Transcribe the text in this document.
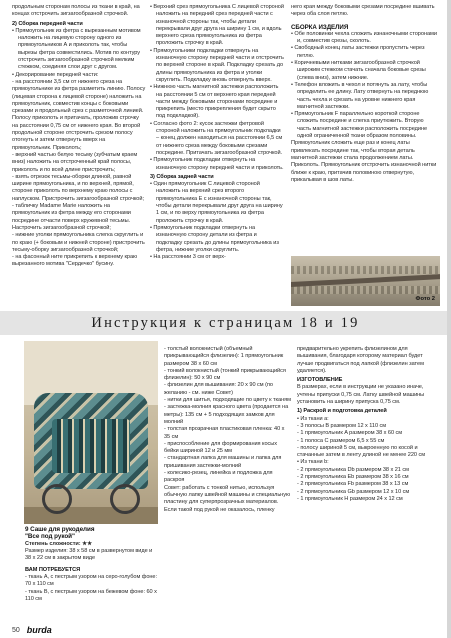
продольным сторонам полосы из ткани в край, на концах отстрочить зигзагообразной строчкой.

2) Сборка передней части

• Прямоугольник из фетра с вырезанным мотивом наложить на лицевую сторону одного из прямоугольников А и приколоть так, чтобы вырезы фетра совместились. Мотив по контуру отстрочить зигзагообразной строчкой мелким стежком, соединяя слои друг с другом.

• Декорирование передней части:

- на расстоянии 3,5 см от нижнего среза на прямоугольнике из фетра разметить линию. Полосу (лицевая сторона к лицевой стороне) наложить на прямоугольник, совместив концы с боковыми срезами и продольный срез с разметочной линией. Полосу приколоть и притачать, проложив строчку на расстоянии 0,75 см от нижнего края. Во второй продольной стороне отстрочить срезом полосу отогнуть и затем отвернуть вверх на прямоугольник. Приколоть;

- верхний частью белую тесьму (зубчатым краем вниз) наложить на отстроченный край полосы, приколоть и по всей длине пристрочить;

- взять отрезок тесьмы-оборки длиной, равной ширине прямоугольника, и по верхней, прямой, стороне приколоть по верхнему краю полосы с наплуском. Пристрочить зигзагообразной строчкой;

- табличку Madame Marie наложить на прямоугольник из фетра между его сторонами посредине отчасти поверх кружевной тесьмы. Настрочить зигзагообразной строчкой;

- нижние уголки прямоугольника слегка скруглить и по краю (+ боковым и нижней стороне) пристрочить тесьму-оборку зигзагообразной строчкой;

- на фасонный ните прикрепить к верхнему краю вырезанного мотива "Сердечко" бусину.

• Верхний срез прямоугольника С лицевой стороной наложить на передний срез передней части с изнаночной стороны так, чтобы детали перекрывали друг друга на ширину 1 см, и вдоль верхнего среза прямоугольника из фетра проложить строчку в край.

• Прямоугольники подкладки отвернуть на изнаночную сторону передней части и отстрочить по верхней стороне в край. Подкладку срезать до длины прямоугольника из фетра и уголки скруглить. Подкладку вновь отвернуть вверх.

• Нижнюю часть магнитной застежки расположить на расстоянии 5 см от верхнего края передней части между боковыми сторонами посредине и прикрепить (место прикрепления будет скрыто под подкладкой).

• Согласно фото 2: кусок застежки фетровой стороной наложить на прямоугольник подкладки – конец должен находиться на расстоянии 6,5 см от нижнего среза между боковыми срезами посредине. Притачать зигзагообразной строчкой.

• Прямоугольник подкладки отвернуть на изнаночную сторону передней части и приколоть.

3) Сборка задней части

• Один прямоугольник С лицевой стороной наложить на верхний срез второго прямоугольника Е с изнаночной стороны так, чтобы детали перекрывали друг друга на ширину 1 см, и по верху прямоугольника из фетра проложить строчку в край.

• Прямоугольник подкладки отвернуть на изнаночную сторону детали из фетра и подкладку срезать до длины прямоугольника из фетра, нижние уголки скруглить.

• На расстоянии 3 см от верх-

него края между боковыми срезами посредине вшивать через оба слоя петлю.

СБОРКА ИЗДЕЛИЯ

• Обе половинки чехла сложить изнаночными сторонами и, совместив срезы, сколоть.

• Свободный конец латы застежки пропустить через петлю.

• Коричневыми нитками зигзагообразной строчкой широким стежком стачать сначала боковые срезы (слева вниз), затем нижние.

• Телефон вложить в чехол и потянуть за лату, чтобы определить ее длину. Лату отвернуть на переднюю часть чехла и срезать на уровне нижнего края магнитной застежки.

• Прямоугольник F параллельно короткой стороне сложить посредине и слегка приутюжить. Вторую часть магнитной застежки расположить посредине одной ограниченной ткани образом половины.

Прямоугольник сложить еще раз и конец латы привлекать посредине так, чтобы вторая деталь магнитной застежки стала продолжением латы. Приколоть. Прямоугольник отстрочить изнаночной нитки ближе к краю, притачив половиною отвернутую, прикалывая в шов латы.

Фото 2
Инструкция к страницам 18 и 19

9 Саше для рукоделия

"Все под рукой"

Степень сложности: ★★

Размер изделия: 38 х 58 см в развернутом виде и 38 х 22 см в закрытом виде

ВАМ ПОТРЕБУЕТСЯ

- ткань А, с пестрым узором на серо-голубом фоне: 70 x 110 см

- ткань В, с пестрым узором на бежевом фоне: 60 x 110 см

- толстый волокнистый (объемный прикрывающийся флизелин): 1 прямоугольник размером 38 x 60 см

- тонкий волокнистый (тонкий прикрывающийся флизелин): 50 x 90 см

- флизелин для вышивания: 20 x 90 см (по желанию - см. ниже Совет)

- нитки для шитья, подходящие по цвету к тканям

- застежка-молния красного цвета (продается на метры): 135 см + 5 подходящих замков для молний

- толстая прозрачная пластиковая пленка: 40 x 35 см

- приспособление для формирования косых бейки шириной 12 и 25 мм

- стандартная лапка для машины и лапка для пришивания застежки-молний

- колесико-резец, линейка и подложка для раскроя

Совет: работать с тонкой нитью, используя обычную лапку швейной машины и специальную пластину для суперпрозрачных материалов. Если такой под рукой не оказалось, пленку

предварительно укрепить флизелином для вышивания, благодаря которому материал будет лучше продвигаться под лапкой (флизелин затем удаляется).

ИЗГОТОВЛЕНИЕ

В размерах, если в инструкции не указано иначе, учтены припуски 0,75 см. Латку швейной машины установить на ширину припуска 0,75 см.

1) Раскрой и подготовка деталей

• Из ткани а:

- 3 полосы В размером 12 x 110 см

- 1 прямоугольник A размером 38 x 60 см

- 1 полоса С размером 6,5 x 55 см

- полосу шириной 5 см, выкроенную по косой и стачанные затем в ленту длиной не менее 220 см

• Из ткани b:

- 2 прямоугольника Db размером 38 x 21 см

- 2 прямоугольника Еb размером 38 x 16 см

- 2 прямоугольника Fb размером 38 x 13 см

- 2 прямоугольника Gb размером 12 x 10 см

- 1 прямоугольник H размером 24 x 12 см

50 burda
